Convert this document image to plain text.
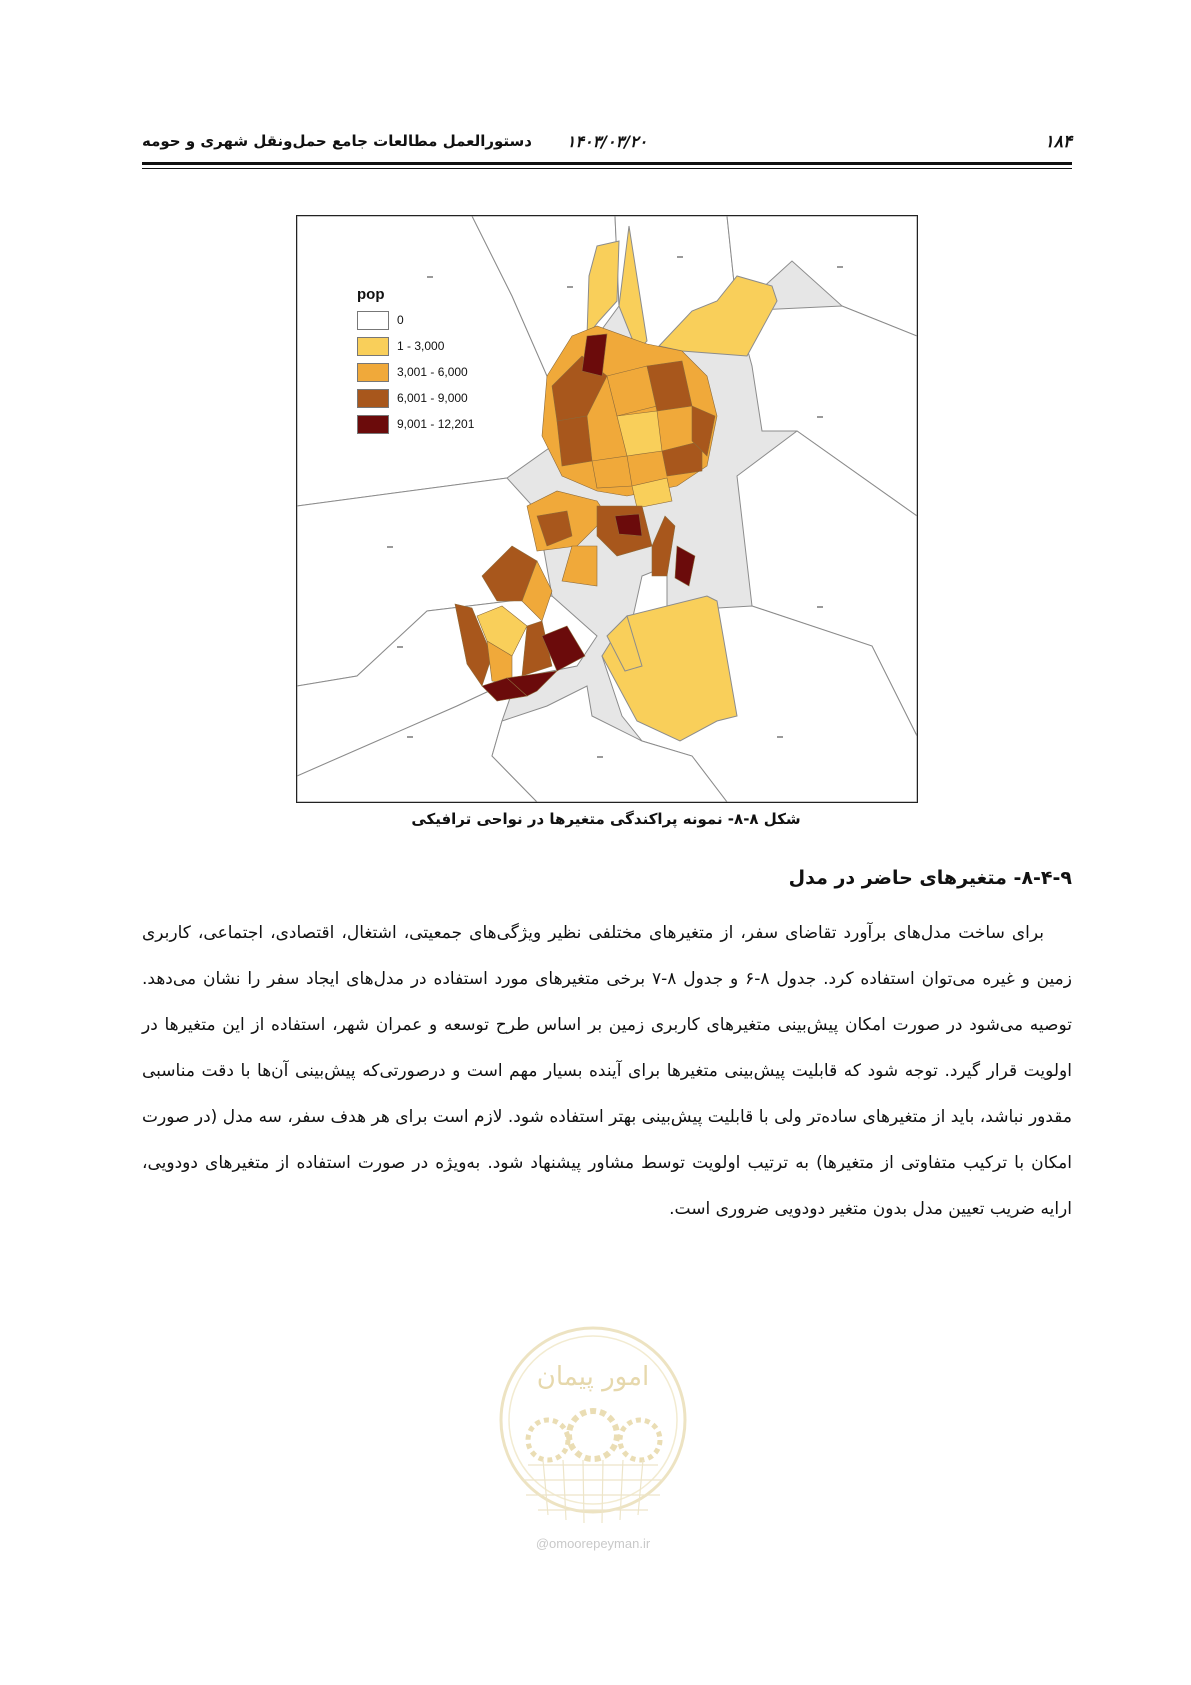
۱۸۴
۱۴۰۳/۰۳/۲۰
دستورالعمل مطالعات جامع حمل‌ونقل شهری و حومه
pop
0
1 - 3,000
3,001 - 6,000
6,001 - 9,000
9,001 - 12,201
شکل ۸-۸- نمونه پراکندگی متغیرها در نواحی ترافیکی
۸-۴-۹- متغیرهای حاضر در مدل

برای ساخت مدل‌های برآورد تقاضای سفر، از متغیرهای مختلفی نظیر ویژگی‌های جمعیتی، اشتغال، اقتصادی، اجتماعی، کاربری زمین و غیره می‌توان استفاده کرد. جدول ۸-۶ و جدول ۸-۷ برخی متغیرهای مورد استفاده در مدل‌های ایجاد سفر را نشان می‌دهد. توصیه می‌شود در صورت امکان پیش‌بینی متغیرهای کاربری زمین بر اساس طرح توسعه و عمران شهر، استفاده از این متغیرها در اولویت قرار گیرد. توجه شود که قابلیت پیش‌بینی متغیرها برای آینده بسیار مهم است و درصورتی‌که پیش‌بینی آن‌ها با دقت مناسبی مقدور نباشد، باید از متغیرهای ساده‌تر ولی با قابلیت پیش‌بینی بهتر استفاده شود. لازم است برای هر هدف سفر، سه مدل (در صورت امکان با ترکیب متفاوتی از متغیرها) به ترتیب اولویت توسط مشاور پیشنهاد شود. به‌ویژه در صورت استفاده از متغیرهای دودویی، ارایه ضریب تعیین مدل بدون متغیر دودویی ضروری است.

امور پیمان
@omoorepeyman.ir
